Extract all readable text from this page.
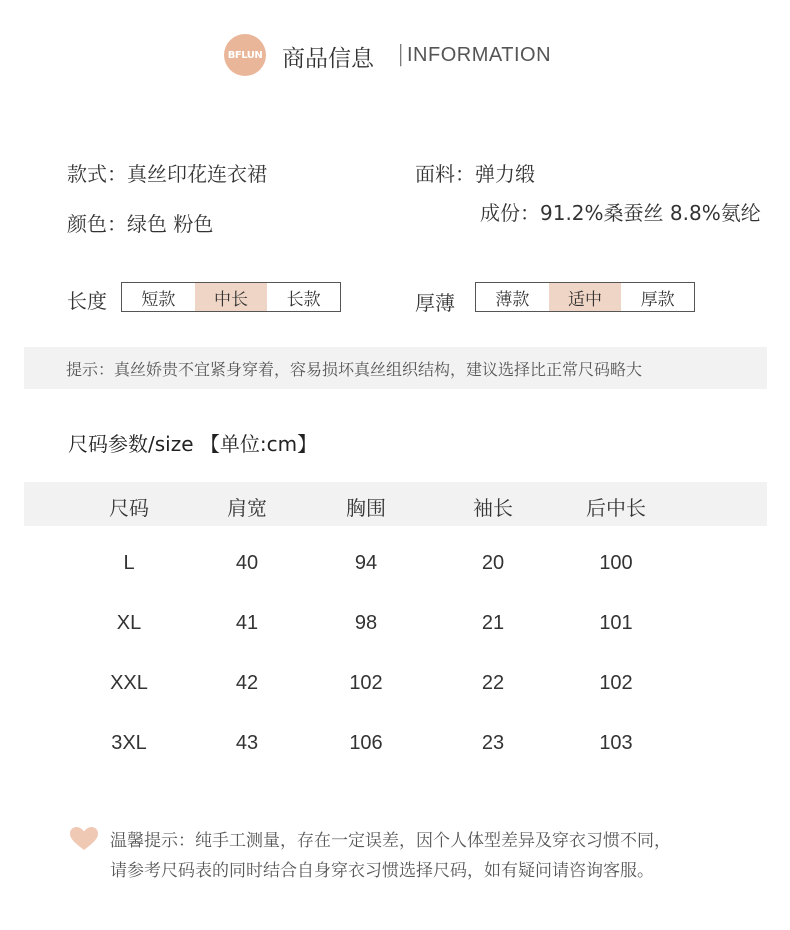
BFLUN 商品信息 | INFORMATION
款式：真丝印花连衣裙
颜色：绿色 粉色
面料：弹力缎
成份：91.2%桑蚕丝 8.8%氨纶
长度	短款	中长	长款	厚薄	薄款	适中	厚款
提示：真丝娇贵不宜紧身穿着，容易损坏真丝组织结构，建议选择比正常尺码略大
尺码参数/size 【单位:cm】
尺码	肩宽	胸围	袖长	后中长
L	40	94	20	100
XL	41	98	21	101
XXL	42	102	22	102
3XL	43	106	23	103
温馨提示：纯手工测量，存在一定误差，因个人体型差异及穿衣习惯不同，
请参考尺码表的同时结合自身穿衣习惯选择尺码，如有疑问请咨询客服。
